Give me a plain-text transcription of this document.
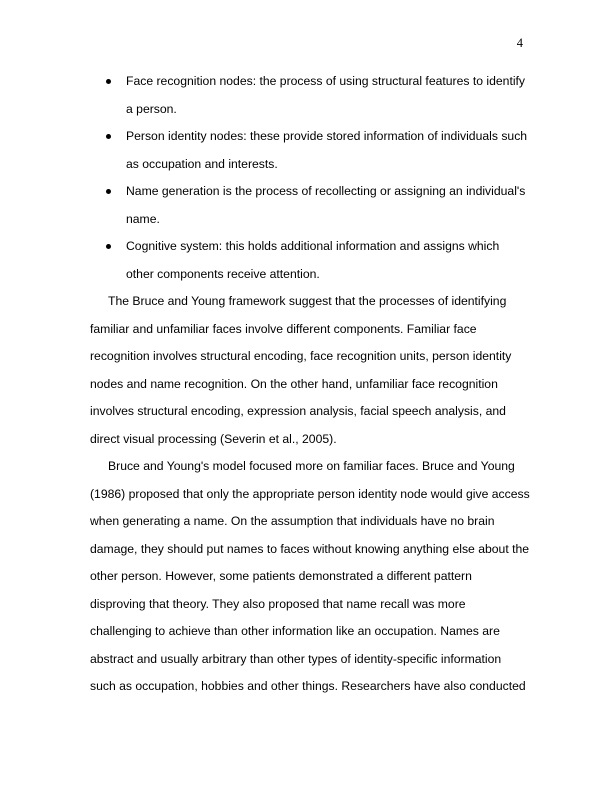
4
Face recognition nodes: the process of using structural features to identify a person.
Person identity nodes: these provide stored information of individuals such as occupation and interests.
Name generation is the process of recollecting or assigning an individual's name.
Cognitive system: this holds additional information and assigns which other components receive attention.

The Bruce and Young framework suggest that the processes of identifying familiar and unfamiliar faces involve different components. Familiar face recognition involves structural encoding, face recognition units, person identity nodes and name recognition. On the other hand, unfamiliar face recognition involves structural encoding, expression analysis, facial speech analysis, and direct visual processing (Severin et al., 2005).

Bruce and Young's model focused more on familiar faces. Bruce and Young (1986) proposed that only the appropriate person identity node would give access when generating a name. On the assumption that individuals have no brain damage, they should put names to faces without knowing anything else about the other person. However, some patients demonstrated a different pattern disproving that theory. They also proposed that name recall was more challenging to achieve than other information like an occupation. Names are abstract and usually arbitrary than other types of identity-specific information such as occupation, hobbies and other things. Researchers have also conducted
